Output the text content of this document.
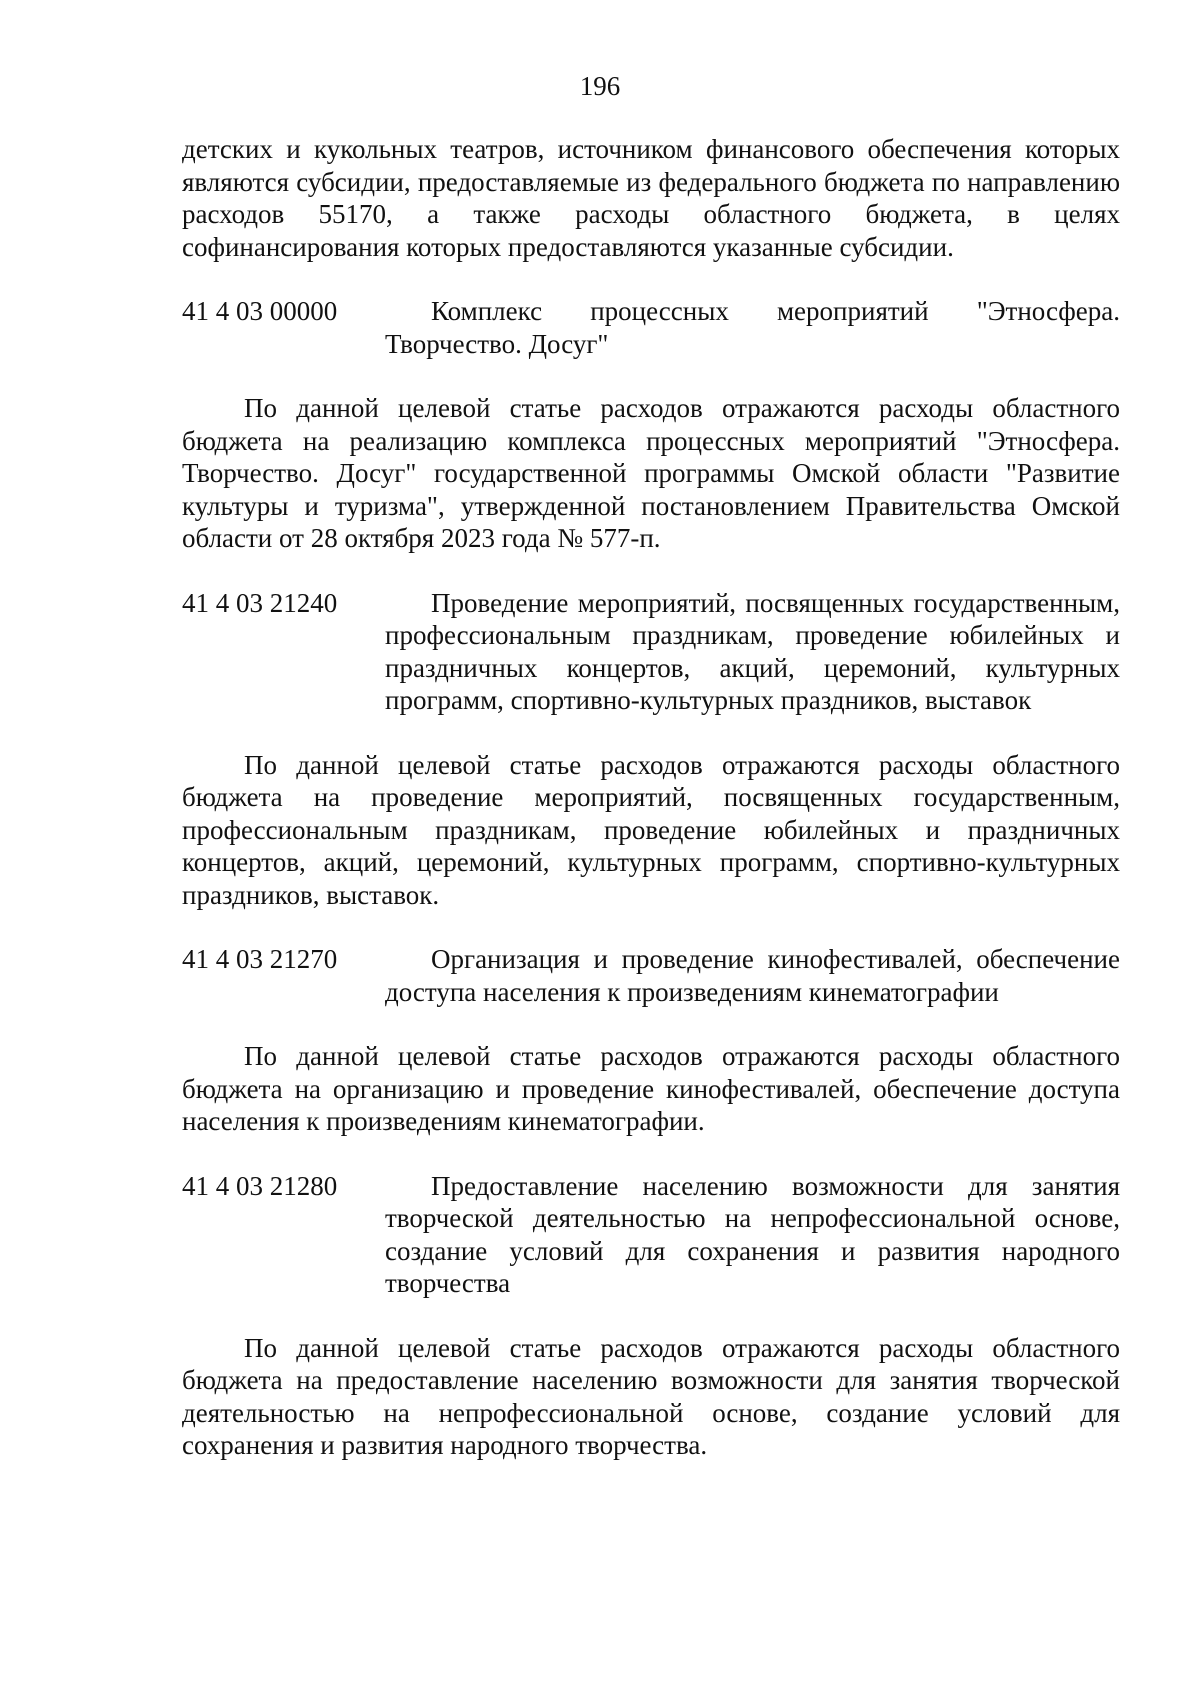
196

детских и кукольных театров, источником финансового обеспечения которых являются субсидии, предоставляемые из федерального бюджета по направлению расходов 55170, а также расходы областного бюджета, в целях софинансирования которых предоставляются указанные субсидии.

41 4 03 00000	Комплекс процессных мероприятий "Этносфера. Творчество. Досуг"

По данной целевой статье расходов отражаются расходы областного бюджета на реализацию комплекса процессных мероприятий "Этносфера. Творчество. Досуг" государственной программы Омской области "Развитие культуры и туризма", утвержденной постановлением Правительства Омской области от 28 октября 2023 года № 577-п.

41 4 03 21240	Проведение мероприятий, посвященных государственным, профессиональным праздникам, проведение юбилейных и праздничных концертов, акций, церемоний, культурных программ, спортивно-культурных праздников, выставок

По данной целевой статье расходов отражаются расходы областного бюджета на проведение мероприятий, посвященных государственным, профессиональным праздникам, проведение юбилейных и праздничных концертов, акций, церемоний, культурных программ, спортивно-культурных праздников, выставок.

41 4 03 21270	Организация и проведение кинофестивалей, обеспечение доступа населения к произведениям кинематографии

По данной целевой статье расходов отражаются расходы областного бюджета на организацию и проведение кинофестивалей, обеспечение доступа населения к произведениям кинематографии.

41 4 03 21280	Предоставление населению возможности для занятия творческой деятельностью на непрофессиональной основе, создание условий для сохранения и развития народного творчества

По данной целевой статье расходов отражаются расходы областного бюджета на предоставление населению возможности для занятия творческой деятельностью на непрофессиональной основе, создание условий для сохранения и развития народного творчества.
